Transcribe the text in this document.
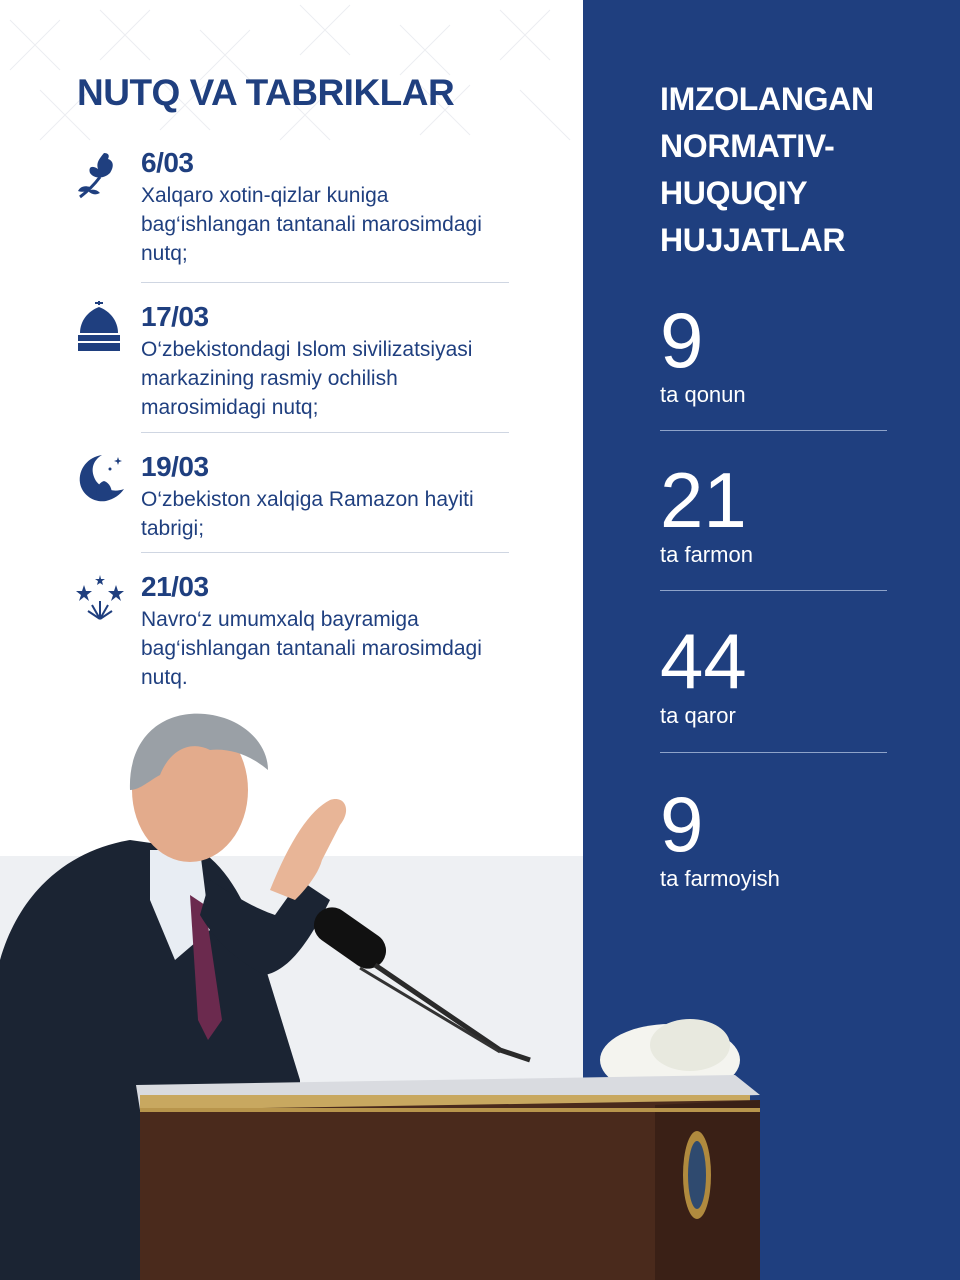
NUTQ VA TABRIKLAR
6/03
Xalqaro xotin-qizlar kuniga bag‘ishlangan tantanali marosimdagi nutq;
17/03
O‘zbekistondagi Islom sivilizatsiyasi markazining rasmiy ochilish marosimidagi nutq;
19/03
O‘zbekiston xalqiga Ramazon hayiti tabrigi;
21/03
Navro‘z umumxalq bayramiga bag‘ishlangan tantanali marosimdagi nutq.
IMZOLANGAN NORMATIV-HUQUQIY HUJJATLAR
9
ta qonun
21
ta farmon
44
ta qaror
9
ta farmoyish
